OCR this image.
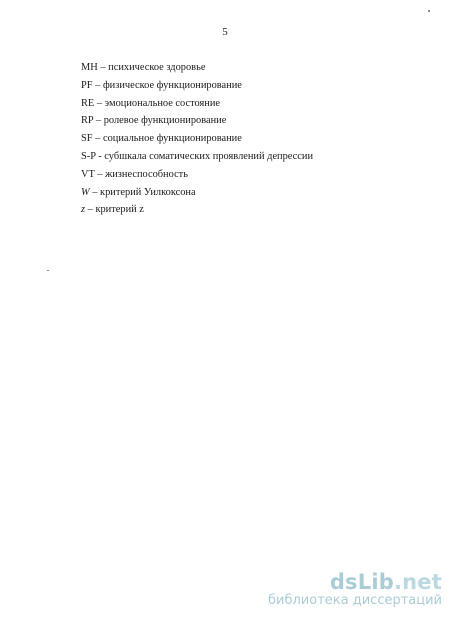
5
MH – психическое здоровье
PF – физическое функционирование
RE – эмоциональное состояние
RP – ролевое функционирование
SF – социальное функционирование
S-P - субшкала соматических проявлений депрессии
VT – жизнеспособность
W – критерий Уилкоксона
z – критерий z
dsLib.net
библиотека диссертаций
